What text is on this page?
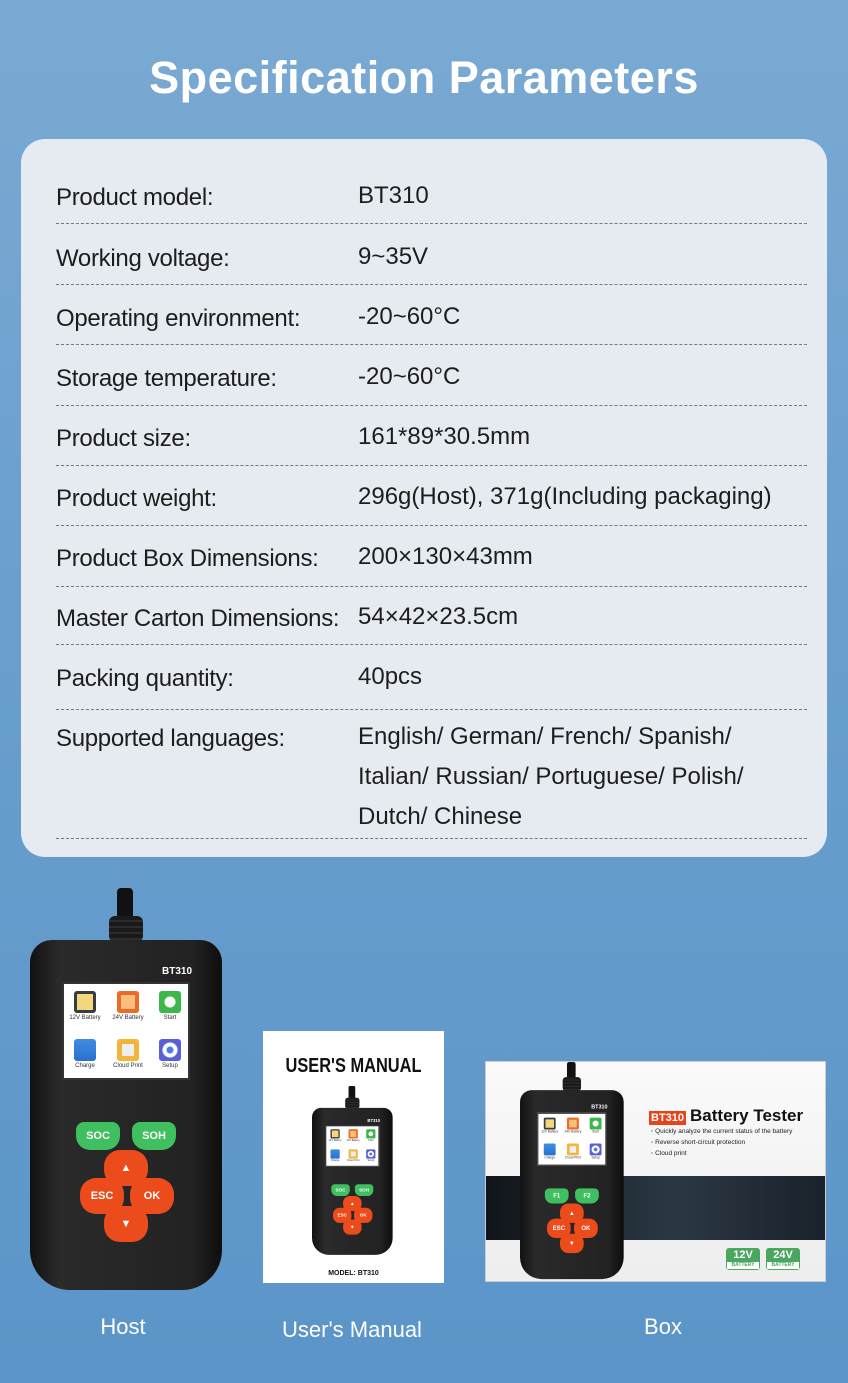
Specification Parameters
Product model:	BT310
Working voltage:	9~35V
Operating environment: -20~60°C
Storage temperature:	-20~60°C
Product size:	161*89*30.5mm
Product weight:	296g(Host), 371g(Including packaging)
Product Box Dimensions: 200×130×43mm
Master Carton Dimensions: 54×42×23.5cm
Packing quantity:	40pcs
Supported languages:	English/ German/ French/ Spanish/
Italian/ Russian/ Portuguese/ Polish/
Dutch/ Chinese
BT310
12V Battery	24V Battery	Start
Charge	Cloud Print	Setup
SOC	SOH
▲
ESC	OK
▼
USER'S MANUAL
BT310
12V Battery 24V Battery	Start
Charge	Cloud Print	Setup
SOC	SOH
▲
ESC	OK
▼
MODEL: BT310
BT310
12V Battery	24V Battery	Start
Charge	Cloud Print	Setup
F1	F2
▲
ESC	OK
▼
BT310 Battery Tester
◦ Quickly analyze the current status of the battery
◦ Reverse short-circuit protection
◦ Cloud print
12V
BATTERY
24V
BATTERY
Host	User's Manual	Box
